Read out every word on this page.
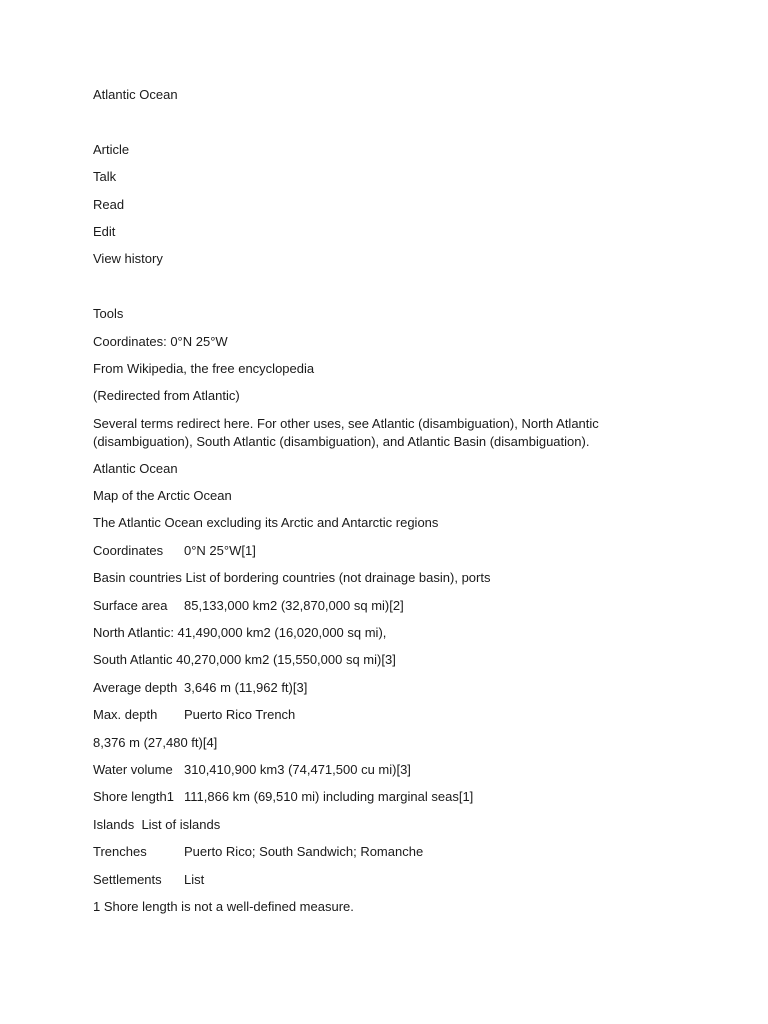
Atlantic Ocean
Article
Talk
Read
Edit
View history
Tools
Coordinates: 0°N 25°W
From Wikipedia, the free encyclopedia
(Redirected from Atlantic)
Several terms redirect here. For other uses, see Atlantic (disambiguation), North Atlantic (disambiguation), South Atlantic (disambiguation), and Atlantic Basin (disambiguation).
Atlantic Ocean
Map of the Arctic Ocean
The Atlantic Ocean excluding its Arctic and Antarctic regions
Coordinates 0°N 25°W[1]
Basin countries List of bordering countries (not drainage basin), ports
Surface area 85,133,000 km2 (32,870,000 sq mi)[2]
North Atlantic: 41,490,000 km2 (16,020,000 sq mi),
South Atlantic 40,270,000 km2 (15,550,000 sq mi)[3]
Average depth 3,646 m (11,962 ft)[3]
Max. depth Puerto Rico Trench
8,376 m (27,480 ft)[4]
Water volume 310,410,900 km3 (74,471,500 cu mi)[3]
Shore length1 111,866 km (69,510 mi) including marginal seas[1]
Islands List of islands
Trenches	Puerto Rico; South Sandwich; Romanche
Settlements List
1 Shore length is not a well-defined measure.
